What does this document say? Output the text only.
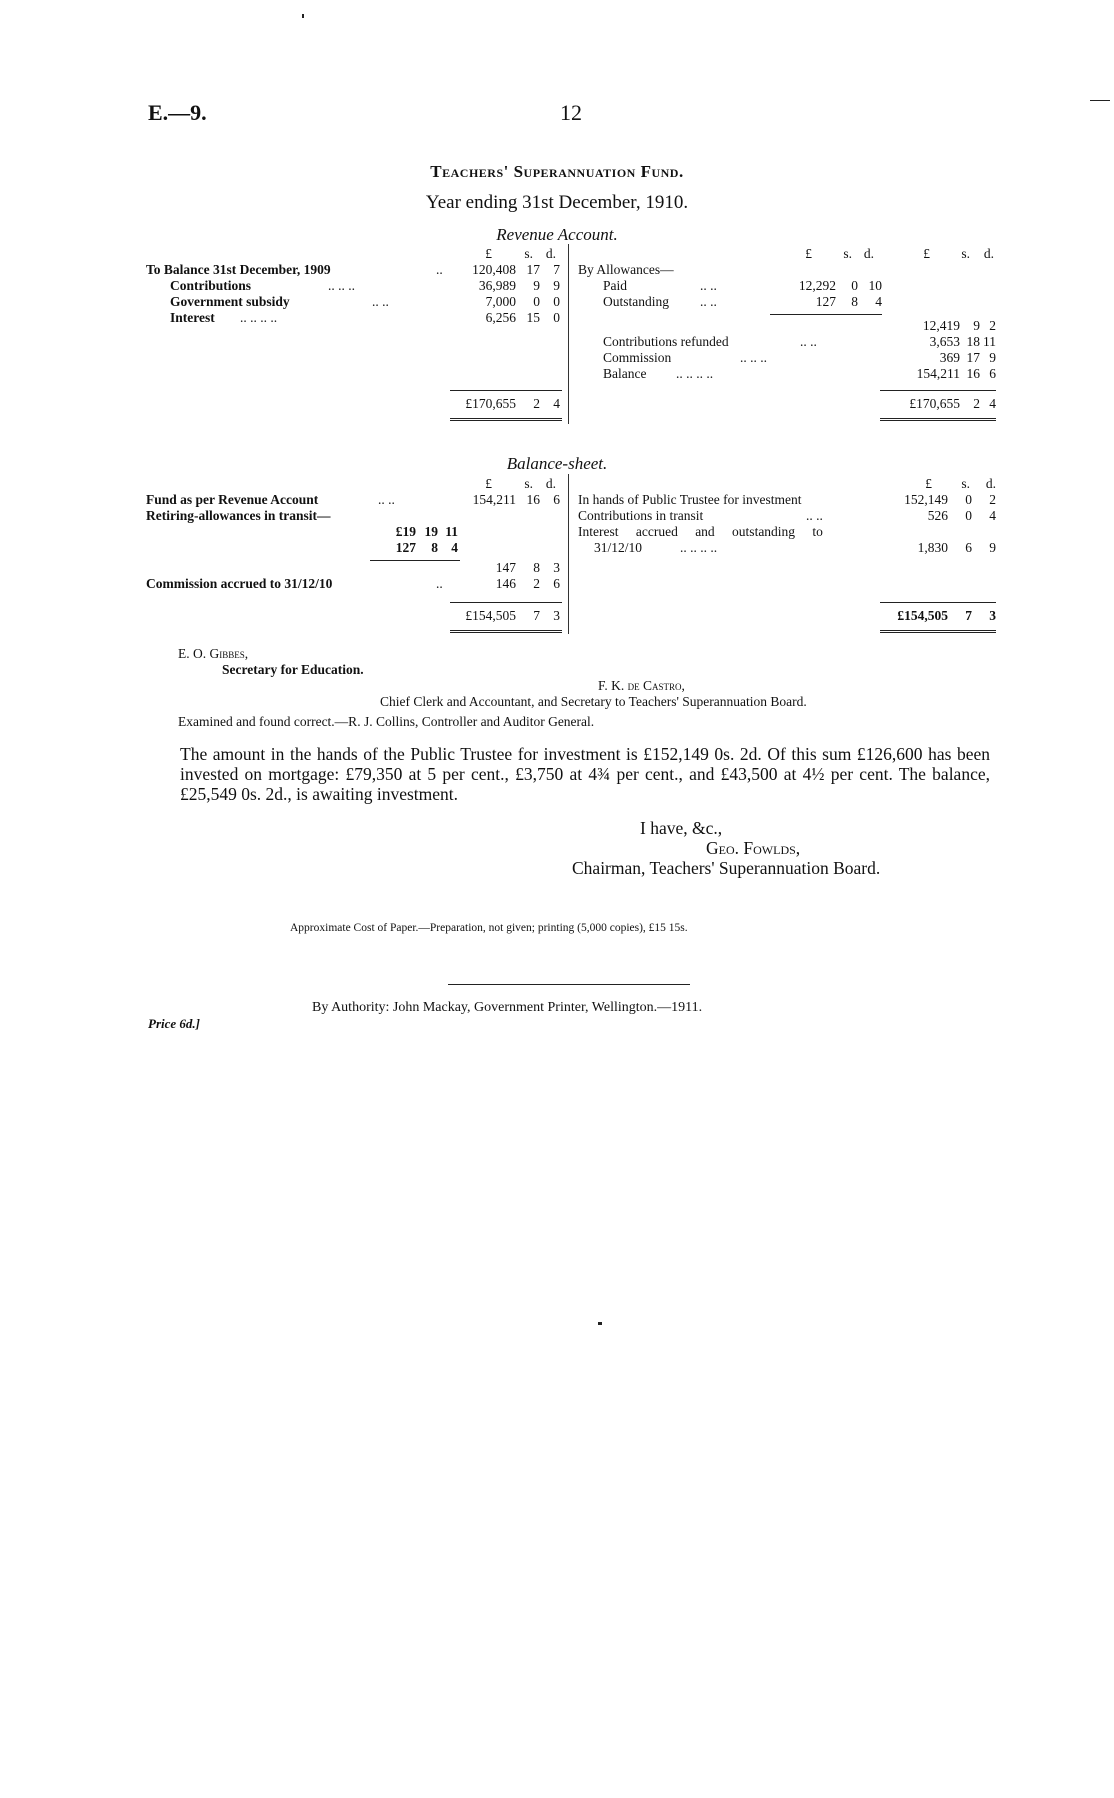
E.—9.	12
Teachers' Superannuation Fund.
Year ending 31st December, 1910.
Revenue Account.
£	s. d.	£	s. d.	£	s.	d.
To Balance 31st December, 1909	..	120,408 17 7
Contributions	.. .. ..	36,989	9 9
Government subsidy	.. ..	7,000	0 0
Interest .. .. .. ..	6,256 15 0
£170,655	2 4
By Allowances—
Paid	.. ..	12,292	0 10
Outstanding .. ..	127	8	4
12,419 9 2
Contributions refunded	.. ..	3,653 18 11
Commission	.. .. ..	369 17 9
Balance .. .. .. ..	154,211 16 6
£170,655 2 4
Balance-sheet.
£	s. d.	£	s.	d.
Fund as per Revenue Account	.. ..	154,211 16 6
Retiring-allowances in transit—
£19 19 11
127	8 4
147	8 3
Commission accrued to 31/12/10	..	146	2 6
£154,505	7 3
In hands of Public Trustee for investment	152,149	0	2
Contributions in transit	.. ..	526	0	4
Interest accrued and outstanding to
31/12/10	.. .. .. ..	1,830	6	9
£154,505	7	3
E. O. Gibbes,
Secretary for Education.
F. K. de Castro,
Chief Clerk and Accountant, and Secretary to Teachers' Superannuation Board.
Examined and found correct.—R. J. Collins, Controller and Auditor General.
The amount in the hands of the Public Trustee for investment is £152,149 0s. 2d. Of this sum £126,600 has been invested on mortgage: £79,350 at 5 per cent., £3,750 at 4¾ per cent., and £43,500 at 4½ per cent. The balance, £25,549 0s. 2d., is awaiting investment.
I have, &c.,
Geo. Fowlds,
Chairman, Teachers' Superannuation Board.
Approximate Cost of Paper.—Preparation, not given; printing (5,000 copies), £15 15s.
By Authority: John Mackay, Government Printer, Wellington.—1911.
Price 6d.]
